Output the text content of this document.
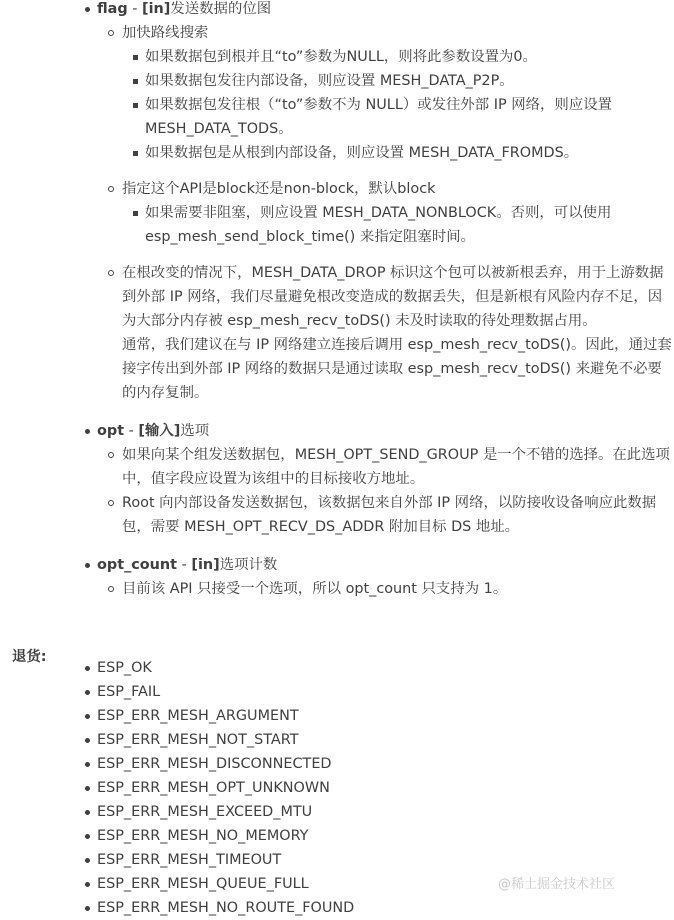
flag - [in]发送数据的位图
加快路线搜索
如果数据包到根并且“to”参数为NULL，则将此参数设置为0。
如果数据包发往内部设备，则应设置 MESH_DATA_P2P。
如果数据包发往根（“to”参数不为 NULL）或发往外部 IP 网络，则应设置 MESH_DATA_TODS。
如果数据包是从根到内部设备，则应设置 MESH_DATA_FROMDS。
指定这个API是block还是non-block，默认block
如果需要非阻塞，则应设置 MESH_DATA_NONBLOCK。否则，可以使用 esp_mesh_send_block_time() 来指定阻塞时间。
在根改变的情况下，MESH_DATA_DROP 标识这个包可以被新根丢弃，用于上游数据到外部 IP 网络，我们尽量避免根改变造成的数据丢失，但是新根有风险内存不足，因为大部分内存被 esp_mesh_recv_toDS() 未及时读取的待处理数据占用。
通常，我们建议在与 IP 网络建立连接后调用 esp_mesh_recv_toDS()。因此，通过套接字传出到外部 IP 网络的数据只是通过读取 esp_mesh_recv_toDS() 来避免不必要的内存复制。
opt - [输入]选项
如果向某个组发送数据包，MESH_OPT_SEND_GROUP 是一个不错的选择。在此选项中，值字段应设置为该组中的目标接收方地址。
Root 向内部设备发送数据包，该数据包来自外部 IP 网络，以防接收设备响应此数据包，需要 MESH_OPT_RECV_DS_ADDR 附加目标 DS 地址。
opt_count - [in]选项计数
目前该 API 只接受一个选项，所以 opt_count 只支持为 1。
退货:
ESP_OK
ESP_FAIL
ESP_ERR_MESH_ARGUMENT
ESP_ERR_MESH_NOT_START
ESP_ERR_MESH_DISCONNECTED
ESP_ERR_MESH_OPT_UNKNOWN
ESP_ERR_MESH_EXCEED_MTU
ESP_ERR_MESH_NO_MEMORY
ESP_ERR_MESH_TIMEOUT
ESP_ERR_MESH_QUEUE_FULL
ESP_ERR_MESH_NO_ROUTE_FOUND
@稀土掘金技术社区
